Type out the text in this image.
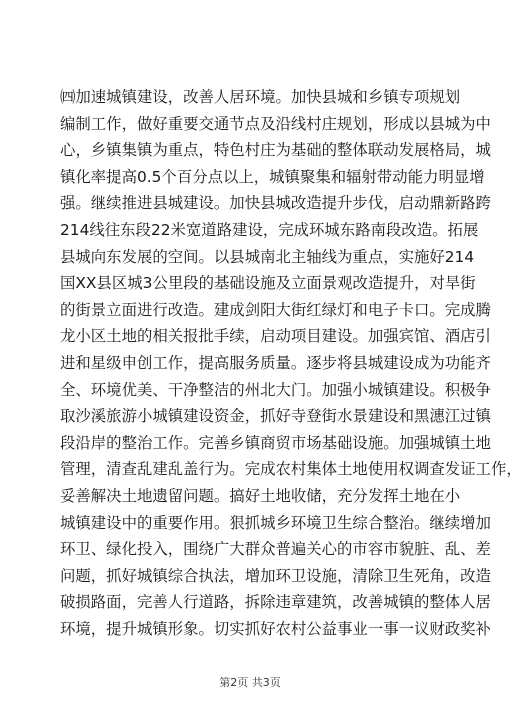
㈣加速城镇建设，改善人居环境。加快县城和乡镇专项规划
编制工作，做好重要交通节点及沿线村庄规划，形成以县城为中
心，乡镇集镇为重点，特色村庄为基础的整体联动发展格局，城
镇化率提高0.5个百分点以上，城镇聚集和辐射带动能力明显增
强。继续推进县城建设。加快县城改造提升步伐，启动鼎新路跨
214线往东段22米宽道路建设，完成环城东路南段改造。拓展
县城向东发展的空间。以县城南北主轴线为重点，实施好214
国XX县区城3公里段的基础设施及立面景观改造提升，对旱街
的街景立面进行改造。建成剑阳大街红绿灯和电子卡口。完成腾
龙小区土地的相关报批手续，启动项目建设。加强宾馆、酒店引
进和星级申创工作，提高服务质量。逐步将县城建设成为功能齐
全、环境优美、干净整洁的州北大门。加强小城镇建设。积极争
取沙溪旅游小城镇建设资金，抓好寺登街水景建设和黑潓江过镇
段沿岸的整治工作。完善乡镇商贸市场基础设施。加强城镇土地
管理，清查乱建乱盖行为。完成农村集体土地使用权调查发证工作，
妥善解决土地遗留问题。搞好土地收储，充分发挥土地在小
城镇建设中的重要作用。狠抓城乡环境卫生综合整治。继续增加
环卫、绿化投入，围绕广大群众普遍关心的市容市貌脏、乱、差
问题，抓好城镇综合执法，增加环卫设施，清除卫生死角，改造
破损路面，完善人行道路，拆除违章建筑，改善城镇的整体人居
环境，提升城镇形象。切实抓好农村公益事业一事一议财政奖补
第2页 共3页
